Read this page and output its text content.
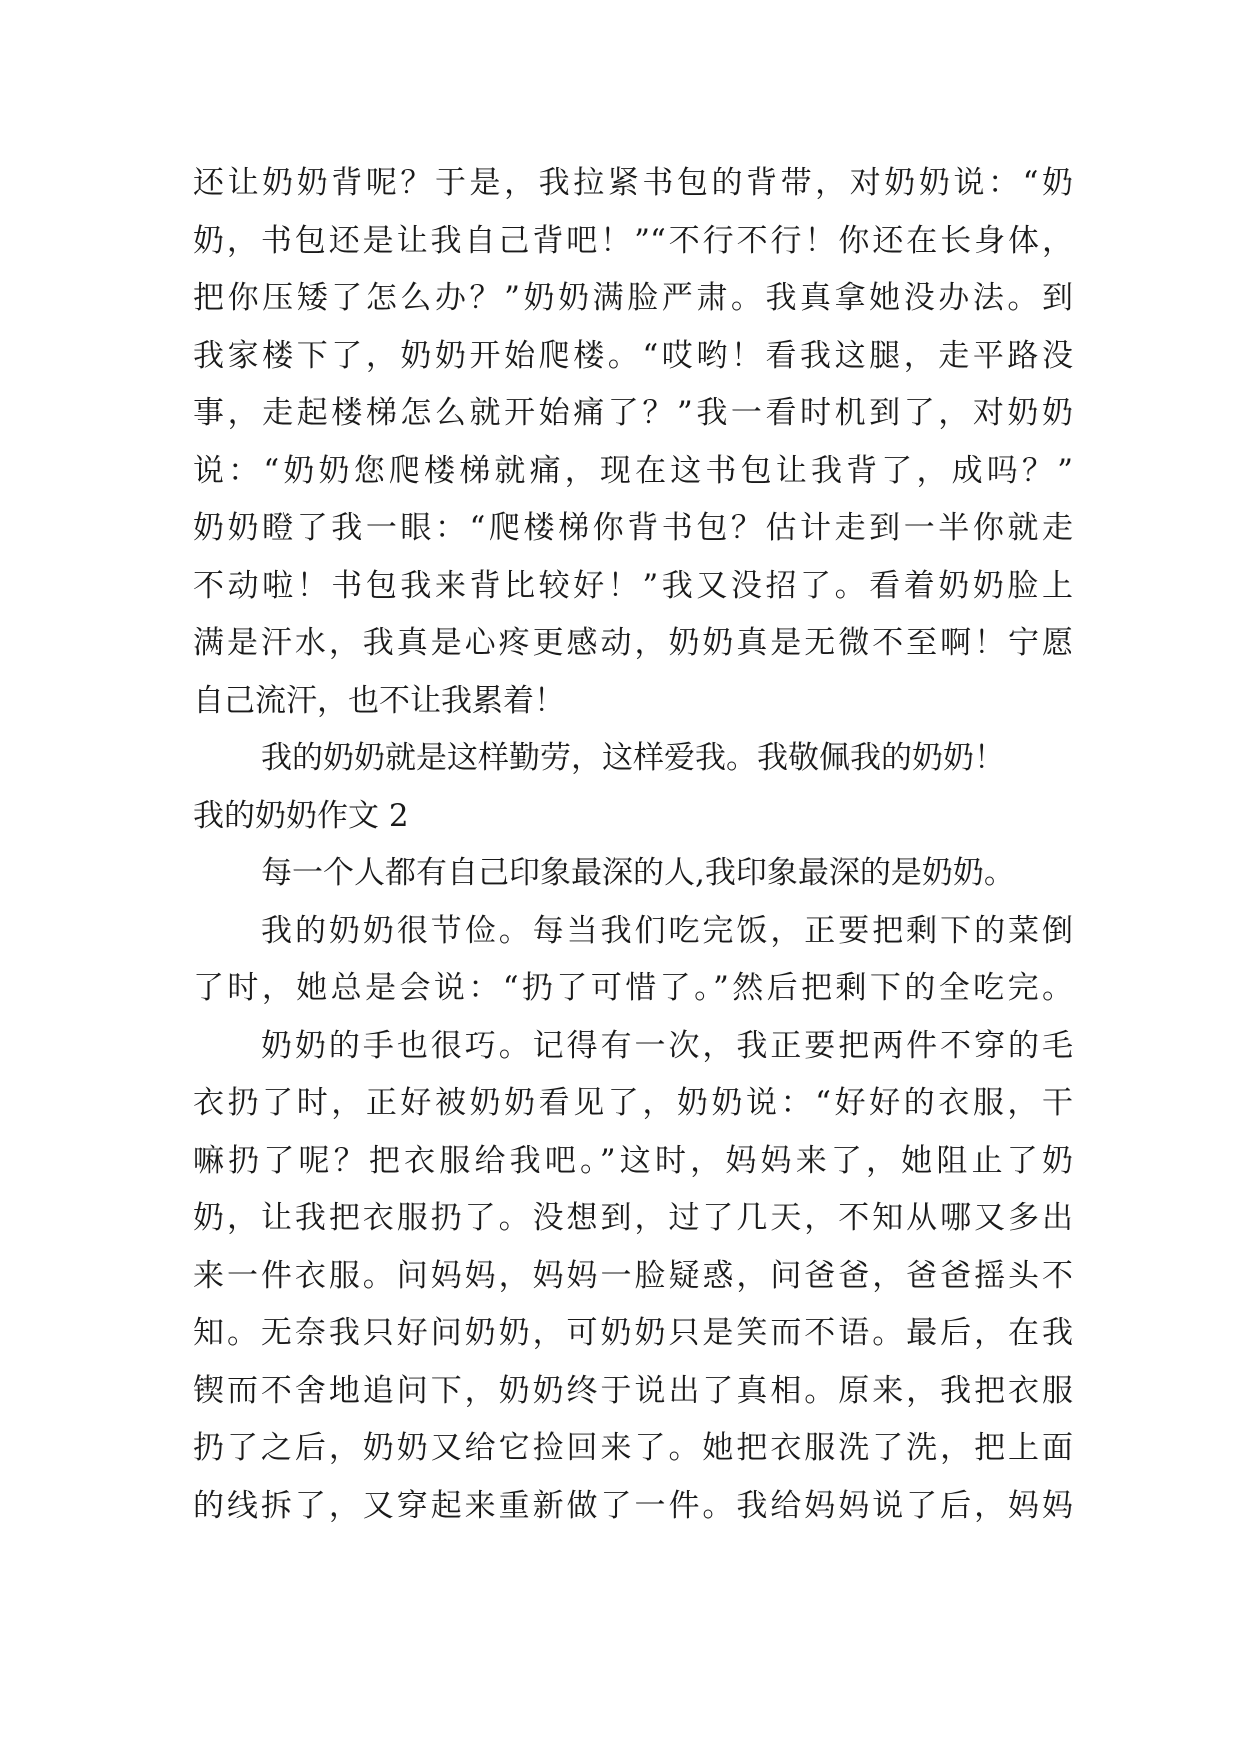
还让奶奶背呢？于是，我拉紧书包的背带，对奶奶说：“奶
奶，书包还是让我自己背吧！”“不行不行！你还在长身体，
把你压矮了怎么办？”奶奶满脸严肃。我真拿她没办法。到
我家楼下了，奶奶开始爬楼。“哎哟！看我这腿，走平路没
事，走起楼梯怎么就开始痛了？”我一看时机到了，对奶奶
说：“奶奶您爬楼梯就痛，现在这书包让我背了，成吗？”
奶奶瞪了我一眼：“爬楼梯你背书包？估计走到一半你就走
不动啦！书包我来背比较好！”我又没招了。看着奶奶脸上
满是汗水，我真是心疼更感动，奶奶真是无微不至啊！宁愿
自己流汗，也不让我累着！
我的奶奶就是这样勤劳，这样爱我。我敬佩我的奶奶！
我的奶奶作文 2
每一个人都有自己印象最深的人,我印象最深的是奶奶。
我的奶奶很节俭。每当我们吃完饭，正要把剩下的菜倒
了时，她总是会说：“扔了可惜了。”然后把剩下的全吃完。
奶奶的手也很巧。记得有一次，我正要把两件不穿的毛
衣扔了时，正好被奶奶看见了，奶奶说：“好好的衣服，干
嘛扔了呢？把衣服给我吧。”这时，妈妈来了，她阻止了奶
奶，让我把衣服扔了。没想到，过了几天，不知从哪又多出
来一件衣服。问妈妈，妈妈一脸疑惑，问爸爸，爸爸摇头不
知。无奈我只好问奶奶，可奶奶只是笑而不语。最后，在我
锲而不舍地追问下，奶奶终于说出了真相。原来，我把衣服
扔了之后，奶奶又给它捡回来了。她把衣服洗了洗，把上面
的线拆了，又穿起来重新做了一件。我给妈妈说了后，妈妈
